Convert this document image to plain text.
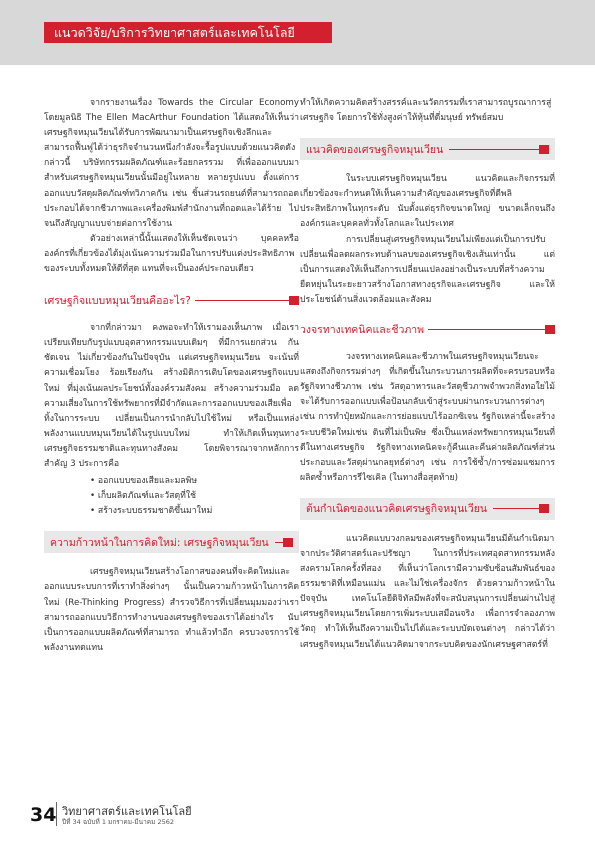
แนวดวิจัย/บริการวิทยาศาสตร์และเทคโนโลยี

จากรายงานเรื่อง Towards the Circular Economy โดยมูลนิธิ The Ellen MacArthur Foundation ได้แสดงให้เห็นว่าเศรษฐกิจหมุนเวียนได้รับการพัฒนามาเป็นเศรษฐกิจเชิงลึกและสามารถฟื้นฟูได้ว่าธุรกิจจำนวนหนึ่งกำลังจะรื้อรูปแบบด้วยแนวคิดดังกล่าวนี้ บริษัทกรรมผลิตภัณฑ์และร้อยกลรรวม ที่เพื่อออกแบบมาสำหรับเศรษฐกิจหมุนเวียนนั้นมีอยู่ในหลาย หลายรูปแบบ ตั้งแต่การออกแบบวัสดุผลิตภัณฑ์ทวิภาคกัน เช่น ชิ้นส่วนรถยนต์ที่สามารถถอดประกอบได้จากชีวภาพและเครื่องพิมพ์สำนักงานที่ถอดและได้ร้าย ไปจนถึงสัญญาแบบจ่ายต่อการใช้งาน

ตัวอย่างเหล่านี้นั้นแสดงให้เห็นชัดเจนว่า บุคคลหรือองค์กรที่เกี่ยวข้องได้มุ่งเน้นความร่วมมือในการปรับแต่งประสิทธิภาพของระบบทั้งหมดให้ดีที่สุด แทนที่จะเป็นองค์ประกอบเดียว

เศรษฐกิจแบบหมุนเวียนคืออะไร?

จากที่กล่าวมา คงพอจะทำให้เรามองเห็นภาพ เมื่อเราเปรียบเทียบกับรูปแบบอุตสาหกรรมแบบเดิมๆ ที่มีการแยกส่วน กันชัดเจน ไม่เกี่ยวข้องกันในปัจจุบัน แต่เศรษฐกิจหมุนเวียน จะเน้นที่ความเชื่อมโยง ร้อยเรียงกัน สร้างมิติการเติบโตของเศรษฐกิจแบบใหม่ ที่มุ่งเน้นผลประโยชน์ทั้งองค์รวมสังคม สร้างความร่วมมือ ลดความเสี่ยงในการใช้ทรัพยากรที่มีจำกัดและการออกแบบของเสียเพื่อทิ้งในการระบบ เปลี่ยนเป็นการนำกลับไปใช้ใหม่ หรือเป็นแหล่งพลังงานแบบหมุนเวียนได้ในรูปแบบใหม่ ทำให้เกิดเห็นทุนทางเศรษฐกิจธรรมชาติและทุนทางสังคม โดยพิจารณาจากหลักการสำคัญ 3 ประการคือ

• ออกแบบของเสียและมลพิษ
• เก็บผลิตภัณฑ์และวัสดุที่ใช้
• สร้างระบบธรรมชาติขึ้นมาใหม่
ความก้าวหน้าในการคิดใหม่: เศรษฐกิจหมุนเวียน

เศรษฐกิจหมุนเวียนสร้างโอกาสของคนที่จะคิดใหม่และออกแบบระบบการที่เราทำสิ่งต่างๆ นั้นเป็นความก้าวหน้าในการคิดใหม่ (Re-Thinking Progress) สำรวจวิธีการที่เปลี่ยนมุมมองว่าเราสามารถออกแบบวิธีการทำงานของเศรษฐกิจของเราได้อย่างไร นับเป็นการออกแบบผลิตภัณฑ์ที่สามารถ ทำแล้วทำอีก ครบวงจรการใช้พลังงานทดแทน

ทำให้เกิดความคิดสร้างสรรค์และนวัตกรรมที่เราสามารถบูรณาการสู่เศรษฐกิจ โดยการใช้ทั่งสูงค่าให้หุ้นที่ดี่มนุษย์ ทรัพย์สมบ

แนวคิดของเศรษฐกิจหมุนเวียน

ในระบบเศรษฐกิจหมุนเวียน แนวคิดและกิจกรรมที่เกี่ยวข้องจะกำหนดให้เห็นความสำคัญของเศรษฐกิจที่ดีพลิประสิทธิภาพในทุกระดับ นับตั้งแต่ธุรกิจขนาดใหญ่ ขนาดเล็กจนถึงองค์กรและบุคคลทั่วทั้งโลกและในประเทศ

การเปลี่ยนสู่เศรษฐกิจหมุนเวียนไม่เพียงแต่เป็นการปรับเปลี่ยนเพื่อลดผลกระทบด้านลบของเศรษฐกิจเชิงเส้นเท่านั้น แต่เป็นการแสดงให้เห็นถึงการเปลี่ยนแปลงอย่างเป็นระบบที่สร้างความยืดหยุ่นในระยะยาวสร้างโอกาสทางธุรกิจและเศรษฐกิจ และให้ประโยชน์ด้านสิ่งแวดล้อมและสังคม

วงจรทางเทคนิคและชีวภาพ

วงจรทางเทคนิคและชีวภาพในเศรษฐกิจหมุนเวียนจะแสดงถึงกิจกรรมต่างๆ ที่เกิดขึ้นในกระบวนการผลิตที่จะครบรอบหรือรัฐกิจทางชีวภาพ เช่น วัสดุอาหารและวัสดุชีวภาพจำพวกสิ่งทอใยไม้ จะได้รับการออกแบบเพื่อป้อนกลับเข้าสู่ระบบผ่านกระบวนการต่างๆ เช่น การทำปุ๋ยหมักและการย่อยแบบไร้ออกซิเจน รัฐกิจเหล่านี้จะสร้างระบบชีวิตใหม่เช่น ดินที่ไม่เป็นพิษ ซึ่งเป็นแหล่งทรัพยากรหมุนเวียนที่ดีในทางเศรษฐกิจ รัฐกิจทางเทคนิคจะกู้คืนและคืนค่าผลิตภัณฑ์ส่วนประกอบและวัสดุผ่านกลยุทธ์ต่างๆ เช่น การใช้ซ้ำ/การซ่อมแซมการผลิตซ้ำหรือการรีไซเคิล (ในทางสื่อสุดท้าย)

ต้นกำเนิดของแนวคิดเศรษฐกิจหมุนเวียน

แนวคิดแบบวงกลมของเศรษฐกิจหมุนเวียนมีต้นกำเนิดมาจากประวัติศาสตร์และปรัชญา ในการที่ประเทศอุตสาหกรรมหลังสงครามโลกครั้งที่สอง ที่เห็นว่าโลกเรามีความซับซ้อนสัมพันธ์ของธรรมชาติที่เหมือนแม่น และไม่ใช่เครื่องจักร ด้วยความก้าวหน้าในปัจจุบัน เทคโนโลยีดิจิทัลมีพลังที่จะสนับสนุนการเปลี่ยนผ่านไปสู่เศรษฐกิจหมุนเวียนโดยการเพิ่มระบบเสมือนจริง เพื่อการจำลองภาพวัตถุ ทำให้เห็นถึงความเป็นไปได้และระบบบัดเจนต่างๆ กล่าวได้ว่า เศรษฐกิจหมุนเวียนได้แนวคิดมาจากระบบคิดของนักเศรษฐศาสตร์ที่

34 วิทยาศาสตร์และเทคโนโลยี
ปีที่ 34 ฉบับที่ 1 มกราคม-มีนาคม 2562
